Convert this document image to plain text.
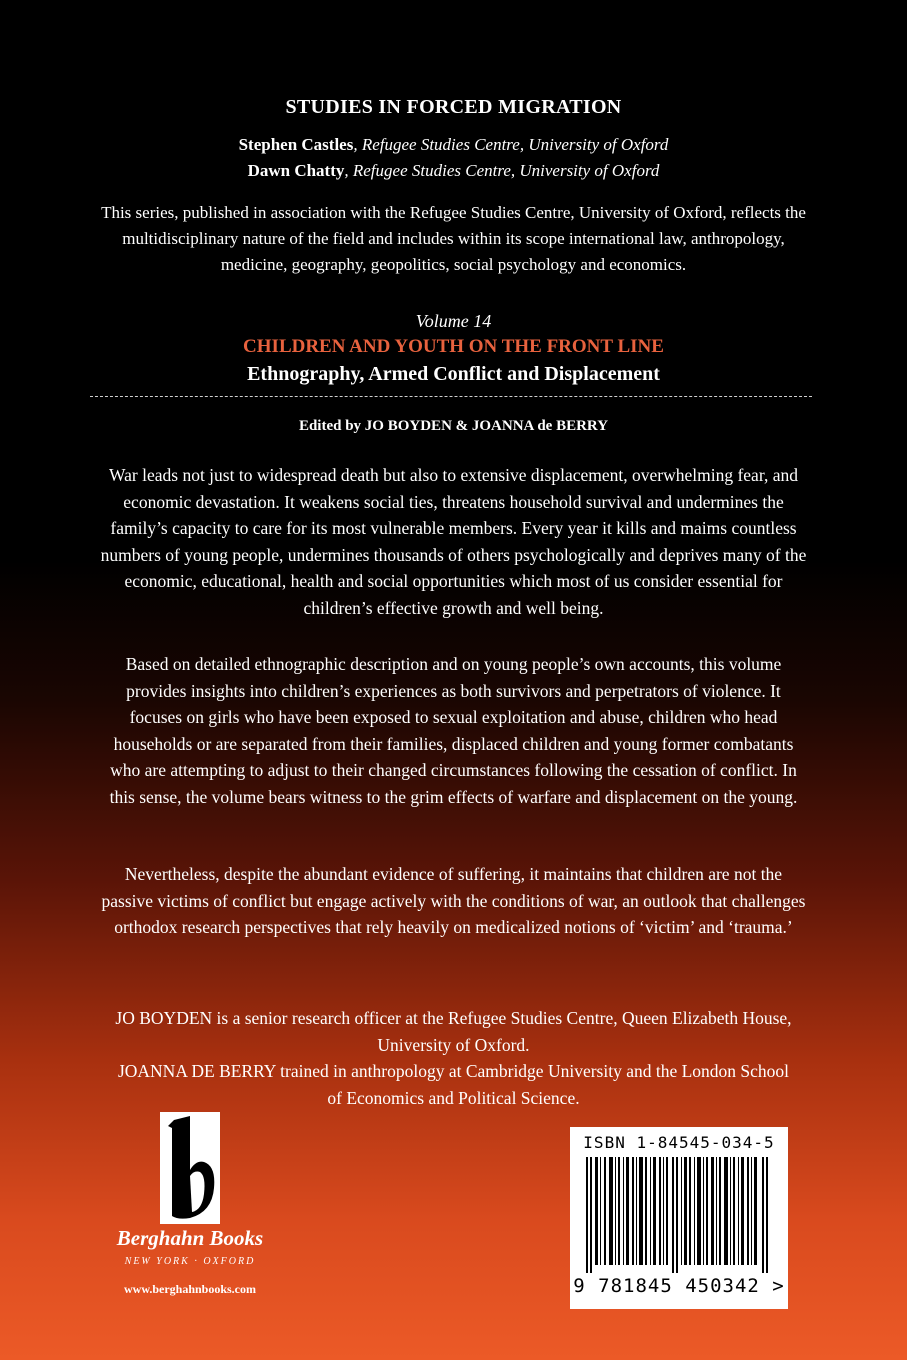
STUDIES IN FORCED MIGRATION
Stephen Castles, Refugee Studies Centre, University of Oxford
Dawn Chatty, Refugee Studies Centre, University of Oxford
This series, published in association with the Refugee Studies Centre, University of Oxford, reflects the multidisciplinary nature of the field and includes within its scope international law, anthropology, medicine, geography, geopolitics, social psychology and economics.
Volume 14
CHILDREN AND YOUTH ON THE FRONT LINE
Ethnography, Armed Conflict and Displacement
Edited by JO BOYDEN & JOANNA de BERRY
War leads not just to widespread death but also to extensive displacement, overwhelming fear, and economic devastation. It weakens social ties, threatens household survival and undermines the family’s capacity to care for its most vulnerable members. Every year it kills and maims countless numbers of young people, undermines thousands of others psychologically and deprives many of the economic, educational, health and social opportunities which most of us consider essential for children’s effective growth and well being.
Based on detailed ethnographic description and on young people’s own accounts, this volume provides insights into children’s experiences as both survivors and perpetrators of violence. It focuses on girls who have been exposed to sexual exploitation and abuse, children who head households or are separated from their families, displaced children and young former combatants who are attempting to adjust to their changed circumstances following the cessation of conflict. In this sense, the volume bears witness to the grim effects of warfare and displacement on the young.
Nevertheless, despite the abundant evidence of suffering, it maintains that children are not the passive victims of conflict but engage actively with the conditions of war, an outlook that challenges orthodox research perspectives that rely heavily on medicalized notions of ‘victim’ and ‘trauma.’
JO BOYDEN is a senior research officer at the Refugee Studies Centre, Queen Elizabeth House, University of Oxford.
JOANNA DE BERRY trained in anthropology at Cambridge University and the London School of Economics and Political Science.
Berghahn Books
NEW YORK · OXFORD
www.berghahnbooks.com
ISBN 1-84545-034-5
9 781845 450342 >
